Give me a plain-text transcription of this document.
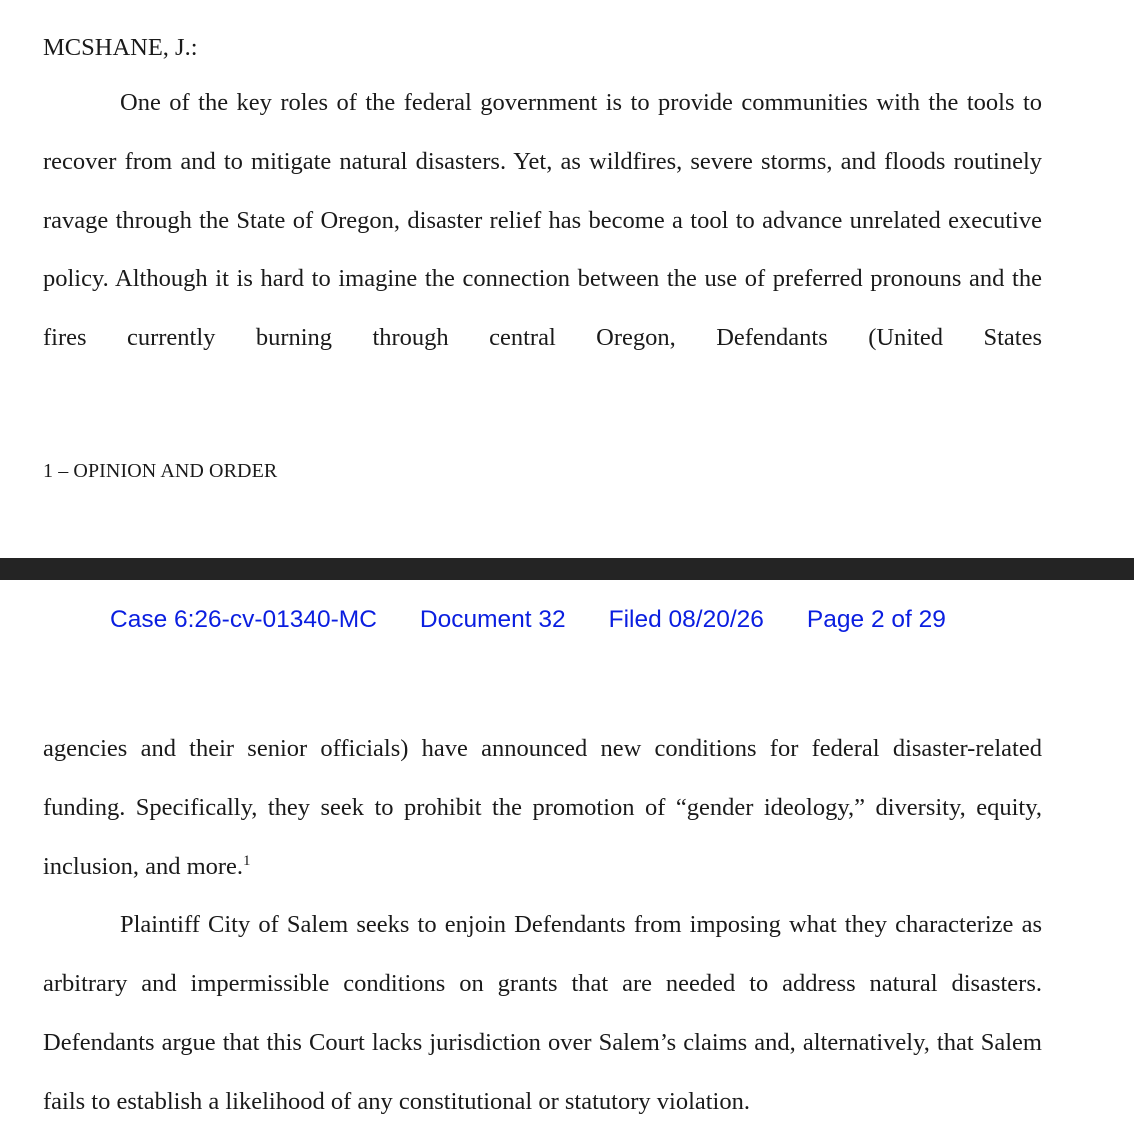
MCSHANE, J.:

One of the key roles of the federal government is to provide communities with the tools to recover from and to mitigate natural disasters. Yet, as wildfires, severe storms, and floods routinely ravage through the State of Oregon, disaster relief has become a tool to advance unrelated executive policy. Although it is hard to imagine the connection between the use of preferred pronouns and the fires currently burning through central Oregon, Defendants (United States

1 – OPINION AND ORDER

Case 6:26-cv-01340-MC Document 32 Filed 08/20/26 Page 2 of 29

agencies and their senior officials) have announced new conditions for federal disaster-related funding. Specifically, they seek to prohibit the promotion of “gender ideology,” diversity, equity, inclusion, and more.$^1$

Plaintiff City of Salem seeks to enjoin Defendants from imposing what they characterize as arbitrary and impermissible conditions on grants that are needed to address natural disasters. Defendants argue that this Court lacks jurisdiction over Salem’s claims and, alternatively, that Salem fails to establish a likelihood of any constitutional or statutory violation.
